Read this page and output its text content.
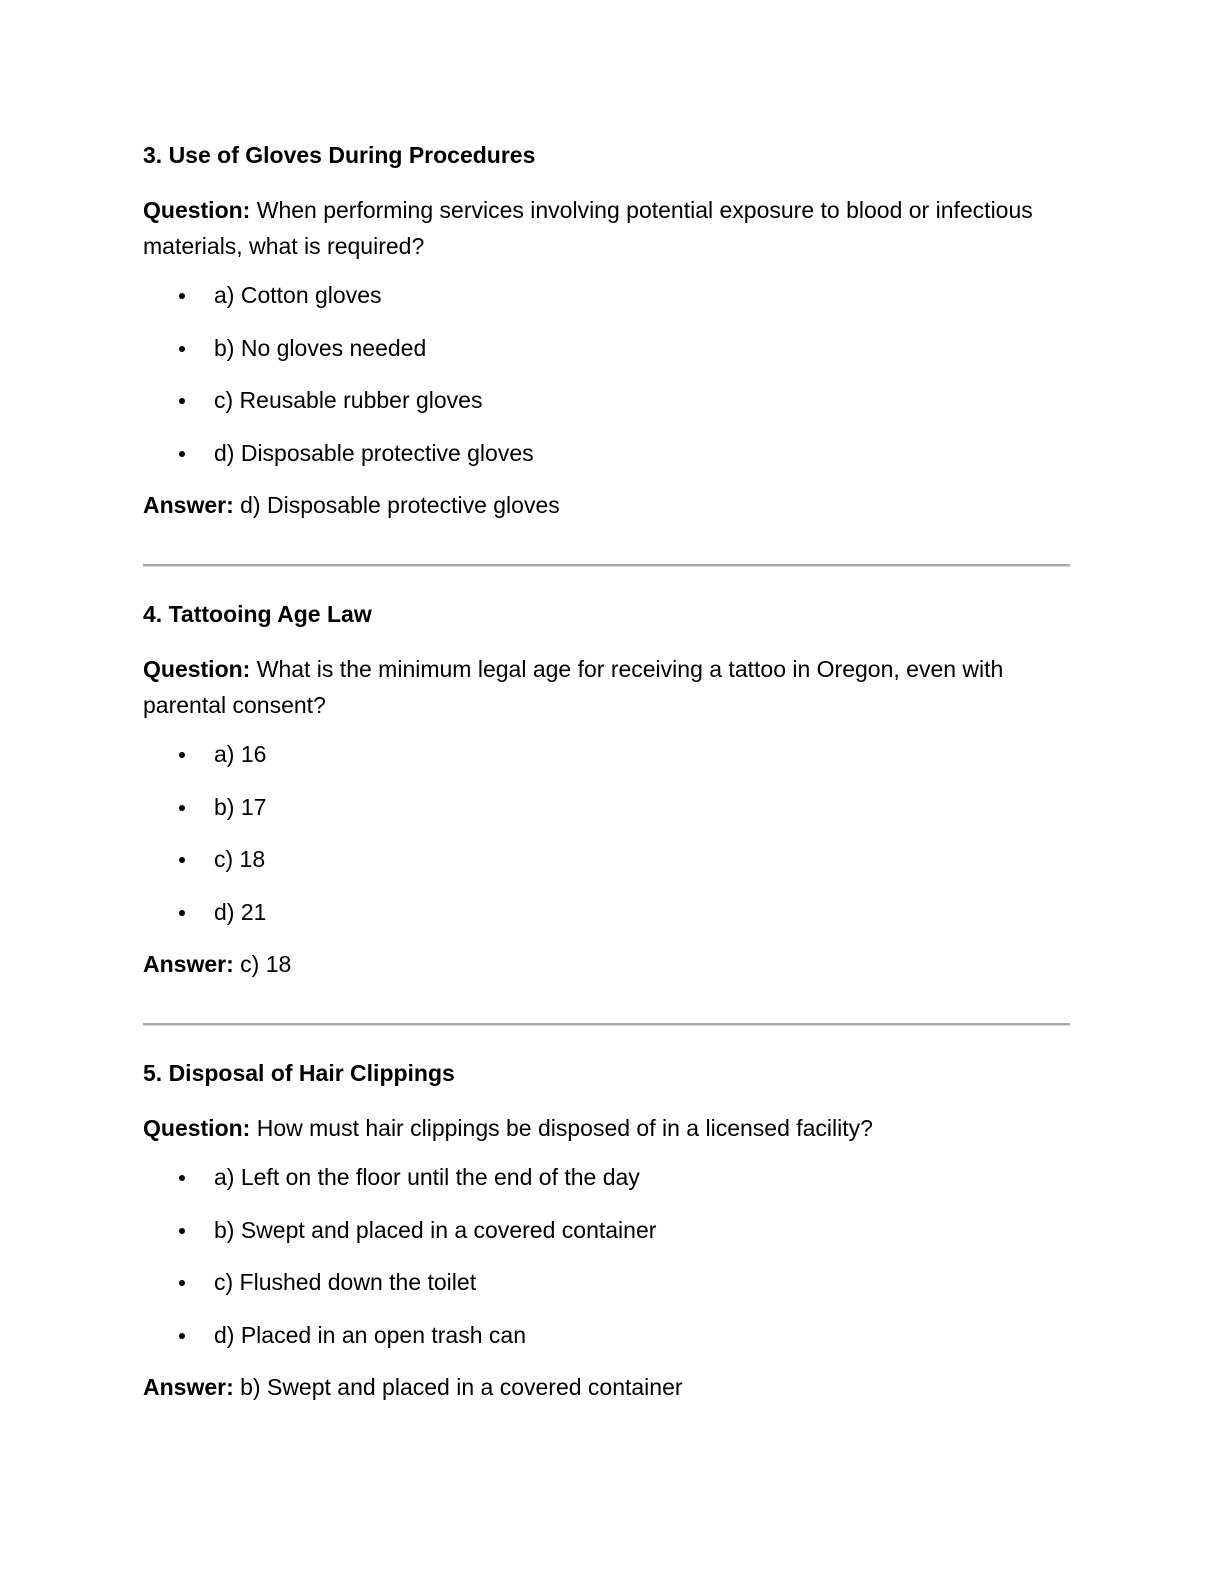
3. Use of Gloves During Procedures

Question: When performing services involving potential exposure to blood or infectious materials, what is required?

a) Cotton gloves
b) No gloves needed
c) Reusable rubber gloves
d) Disposable protective gloves

Answer: d) Disposable protective gloves

4. Tattooing Age Law

Question: What is the minimum legal age for receiving a tattoo in Oregon, even with parental consent?

a) 16
b) 17
c) 18
d) 21

Answer: c) 18

5. Disposal of Hair Clippings

Question: How must hair clippings be disposed of in a licensed facility?

a) Left on the floor until the end of the day
b) Swept and placed in a covered container
c) Flushed down the toilet
d) Placed in an open trash can

Answer: b) Swept and placed in a covered container
